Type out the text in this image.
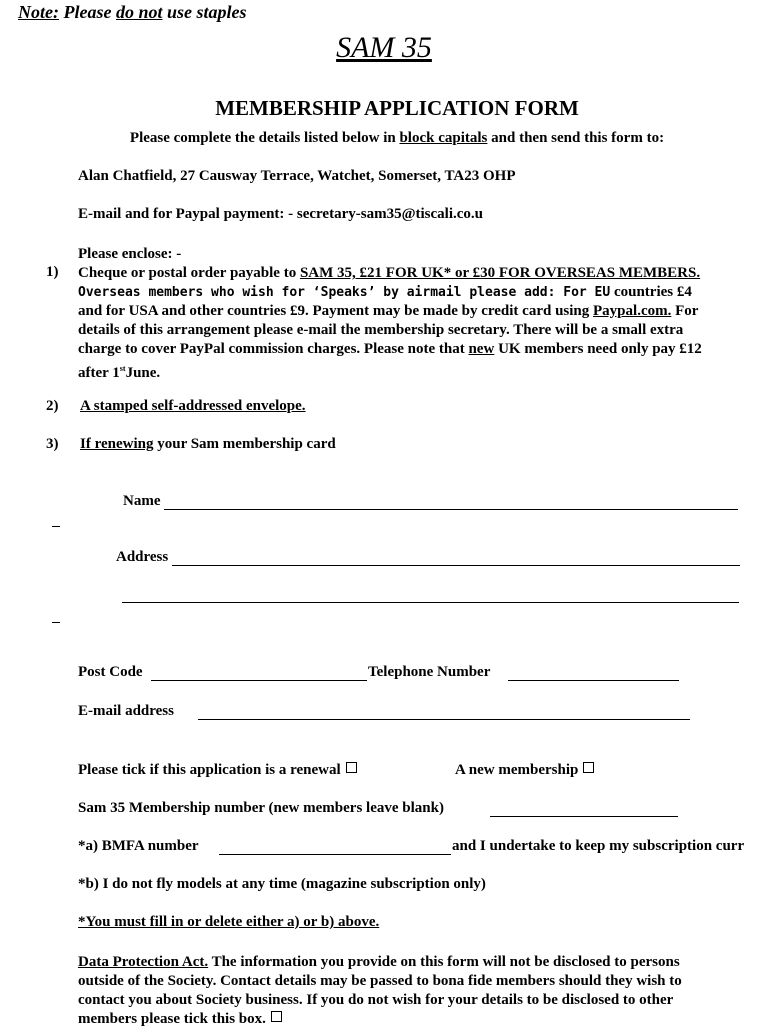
Note: Please do not use staples
SAM 35
MEMBERSHIP APPLICATION FORM
Please complete the details listed below in block capitals and then send this form to:
Alan Chatfield, 27 Causway Terrace, Watchet, Somerset, TA23 OHP
E-mail and for Paypal payment: - secretary-sam35@tiscali.co.u
Please enclose: -
1) Cheque or postal order payable to SAM 35, £21 FOR UK* or £30 FOR OVERSEAS MEMBERS. Overseas members who wish for ‘Speaks’ by airmail please add: For EU countries £4 and for USA and other countries £9. Payment may be made by credit card using Paypal.com. For details of this arrangement please e-mail the membership secretary. There will be a small extra charge to cover PayPal commission charges. Please note that new UK members need only pay £12 after 1stJune.
2) A stamped self-addressed envelope.
3) If renewing your Sam membership card
Name
Address
Post Code	Telephone Number
E-mail address
Please tick if this application is a renewal	A new membership
Sam 35 Membership number (new members leave blank)
*a) BMFA number	and I undertake to keep my subscription curr
*b) I do not fly models at any time (magazine subscription only)
*You must fill in or delete either a) or b) above.
Data Protection Act. The information you provide on this form will not be disclosed to persons outside of the Society. Contact details may be passed to bona fide members should they wish to contact you about Society business. If you do not wish for your details to be disclosed to other members please tick this box.
